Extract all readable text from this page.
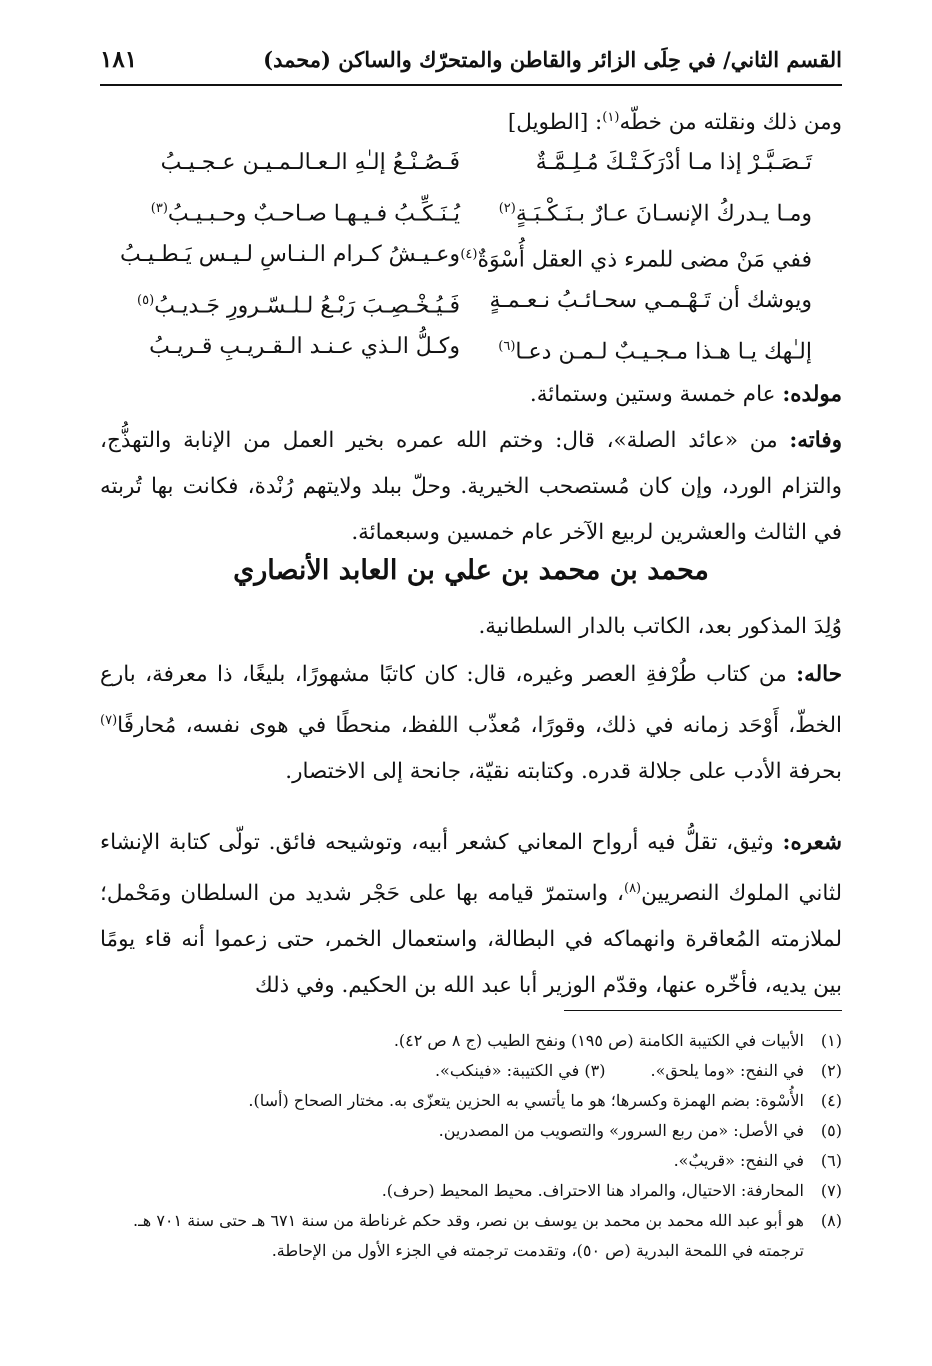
القسم الثاني/ في حِلَى الزائر والقاطن والمتحرّك والساكن (محمد)
١٨١
ومن ذلك ونقلته من خطّه$^{(١)}$: [الطويل]
تَـصَـبَّـرْ إذا مـا أدْرَكَـتْـكَ مُـلِـمَّـةٌ
فَـصُـنْـعُ إلـٰهِ الـعـالـمـيـن عـجـيـبُ
ومـا يـدركُ الإنسـانَ عـارٌ بـنَـكْـبَـةٍ$^{(٢)}$
يُـنَـكِّـبُ فـيـهـا صـاحـبٌ وحـبـيـبُ$^{(٣)}$
ففي مَنْ مضى للمرء ذي العقل أُسْوَةٌ$^{(٤)}$
وعـيـشُ كـرام الـنـاسِ لـيـس يَـطـيـبُ
ويوشك أن تَـهْـمـي سحـائـبُ نـعـمـةٍ
فَـيُـخْـصِـبَ رَبْـعُ لـلـسّـرورِ جَـديـبُ$^{(٥)}$
إلـٰهك يـا هـذا مـجـيـبٌ لـمـن دعـا$^{(٦)}$
وكـلُّ الـذي عـنـد الـقـريـبِ قـريـبُ
مولده: عام خمسة وستين وستمائة.
وفاته: من «عائد الصلة»، قال: وختم الله عمره بخير العمل من الإنابة والتهذُّج، والتزام الورد، وإن كان مُستصحب الخيرية. وحلّ ببلد ولايتهم رُنْدة، فكانت بها تُربته في الثالث والعشرين لربيع الآخر عام خمسين وسبعمائة.
محمد بن محمد بن علي بن العابد الأنصاري
وُلِدَ المذكور بعد، الكاتب بالدار السلطانية.
حاله: من كتاب طُرْفةِ العصر وغيره، قال: كان كاتبًا مشهورًا، بليغًا، ذا معرفة، بارع الخطّ، أَوْحَد زمانه في ذلك، وقورًا، مُعذّب اللفظ، منحطًا في هوى نفسه، مُحارفًا$^{(٧)}$ بحرفة الأدب على جلالة قدره. وكتابته نقيّة، جانحة إلى الاختصار.
شعره: وثيق، تقلُّ فيه أرواح المعاني كشعر أبيه، وتوشيحه فائق. تولّى كتابة الإنشاء لثاني الملوك النصريين$^{(٨)}$، واستمرّ قيامه بها على حَجْر شديد من السلطان ومَحْمل؛ لملازمته المُعاقرة وانهماكه في البطالة، واستعمال الخمر، حتى زعموا أنه قاء يومًا بين يديه، فأخّره عنها، وقدّم الوزير أبا عبد الله بن الحكيم. وفي ذلك
(١)
الأبيات في الكتيبة الكامنة (ص ١٩٥) ونفح الطيب (ج ٨ ص ٤٢).
(٢)
في النفح: «وما يلحق». (٣) في الكتيبة: «فينكب».
(٤)
الأُسْوة: بضم الهمزة وكسرها؛ هو ما يأتسي به الحزين يتعزّى به. مختار الصحاح (أسا).
(٥)
في الأصل: «من ربع السرور» والتصويب من المصدرين.
(٦)
في النفح: «قريبٌ».
(٧)
المحارفة: الاحتيال، والمراد هنا الاحتراف. محيط المحيط (حرف).
(٨)
هو أبو عبد الله محمد بن محمد بن يوسف بن نصر، وقد حكم غرناطة من سنة ٦٧١ هـ حتى سنة ٧٠١ هـ. ترجمته في اللمحة البدرية (ص ٥٠)، وتقدمت ترجمته في الجزء الأول من الإحاطة.
